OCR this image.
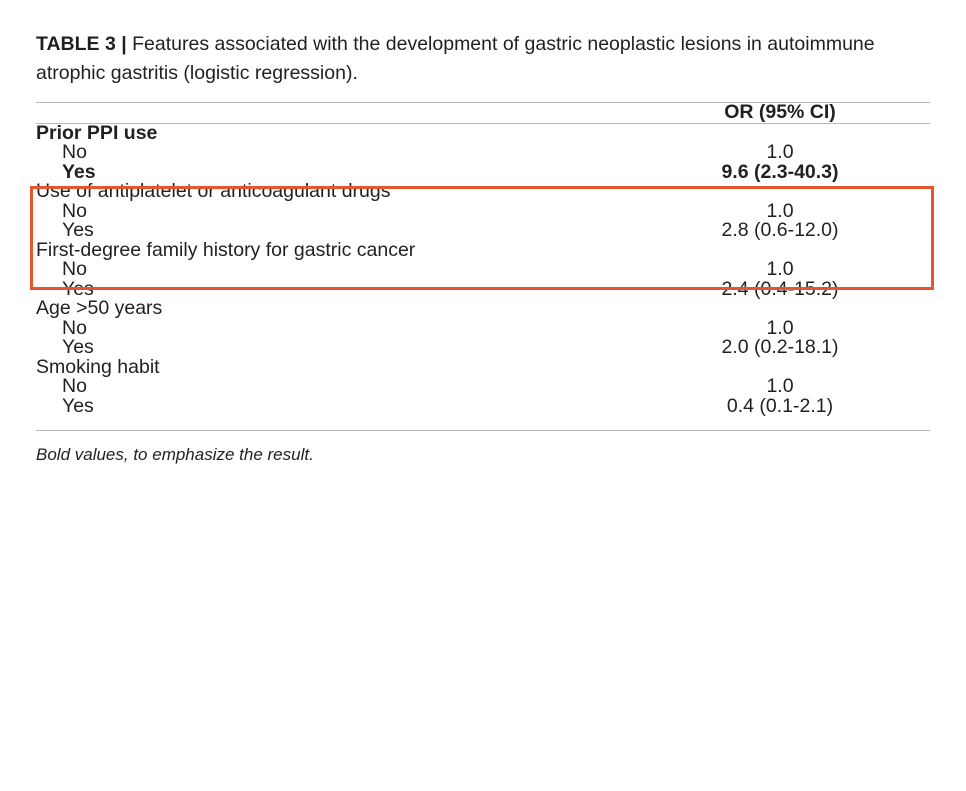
TABLE 3 | Features associated with the development of gastric neoplastic lesions in autoimmune atrophic gastritis (logistic regression).

	OR (95% CI)
Prior PPI use	
No	1.0
Yes	9.6 (2.3-40.3)
Use of antiplatelet or anticoagulant drugs	
No	1.0
Yes	2.8 (0.6-12.0)
First-degree family history for gastric cancer	
No	1.0
Yes	2.4 (0.4-15.2)
Age >50 years	
No	1.0
Yes	2.0 (0.2-18.1)
Smoking habit	
No	1.0
Yes	0.4 (0.1-2.1)
Bold values, to emphasize the result.
